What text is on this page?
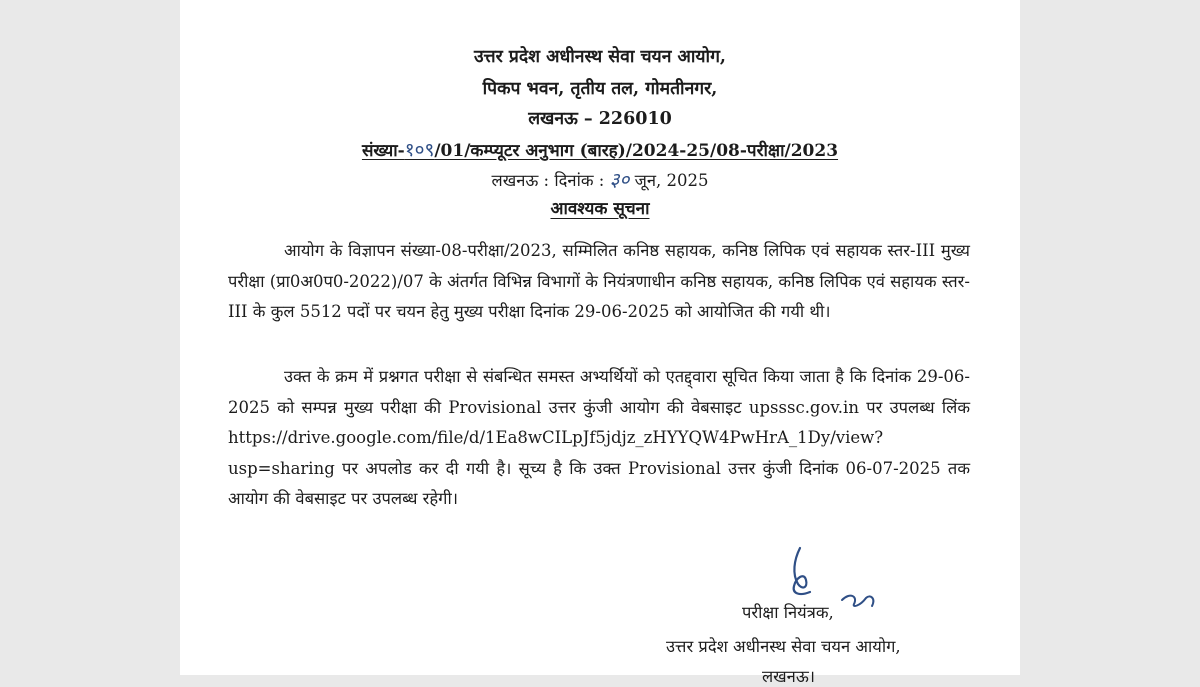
उत्तर प्रदेश अधीनस्थ सेवा चयन आयोग,
पिकप भवन, तृतीय तल, गोमतीनगर,
लखनऊ – 226010
संख्या-१०९/01/कम्प्यूटर अनुभाग (बारह)/2024-25/08-परीक्षा/2023
लखनऊ : दिनांक : ३० जून, 2025
आवश्यक सूचना
आयोग के विज्ञापन संख्या-08-परीक्षा/2023, सम्मिलित कनिष्ठ सहायक, कनिष्ठ लिपिक एवं सहायक स्तर-III मुख्य परीक्षा (प्रा0अ0प0-2022)/07 के अंतर्गत विभिन्न विभागों के नियंत्रणाधीन कनिष्ठ सहायक, कनिष्ठ लिपिक एवं सहायक स्तर-III के कुल 5512 पदों पर चयन हेतु मुख्य परीक्षा दिनांक 29-06-2025 को आयोजित की गयी थी।
उक्त के क्रम में प्रश्नगत परीक्षा से संबन्धित समस्त अभ्यर्थियों को एतद्द्वारा सूचित किया जाता है कि दिनांक 29-06-2025 को सम्पन्न मुख्य परीक्षा की Provisional उत्तर कुंजी आयोग की वेबसाइट upsssc.gov.in पर उपलब्ध लिंक https://drive.google.com/file/d/1Ea8wCILpJf5jdjz_zHYYQW4PwHrA_1Dy/view?usp=sharing पर अपलोड कर दी गयी है। सूच्य है कि उक्त Provisional उत्तर कुंजी दिनांक 06-07-2025 तक आयोग की वेबसाइट पर उपलब्ध रहेगी।
परीक्षा नियंत्रक,
उत्तर प्रदेश अधीनस्थ सेवा चयन आयोग,
लखनऊ।
